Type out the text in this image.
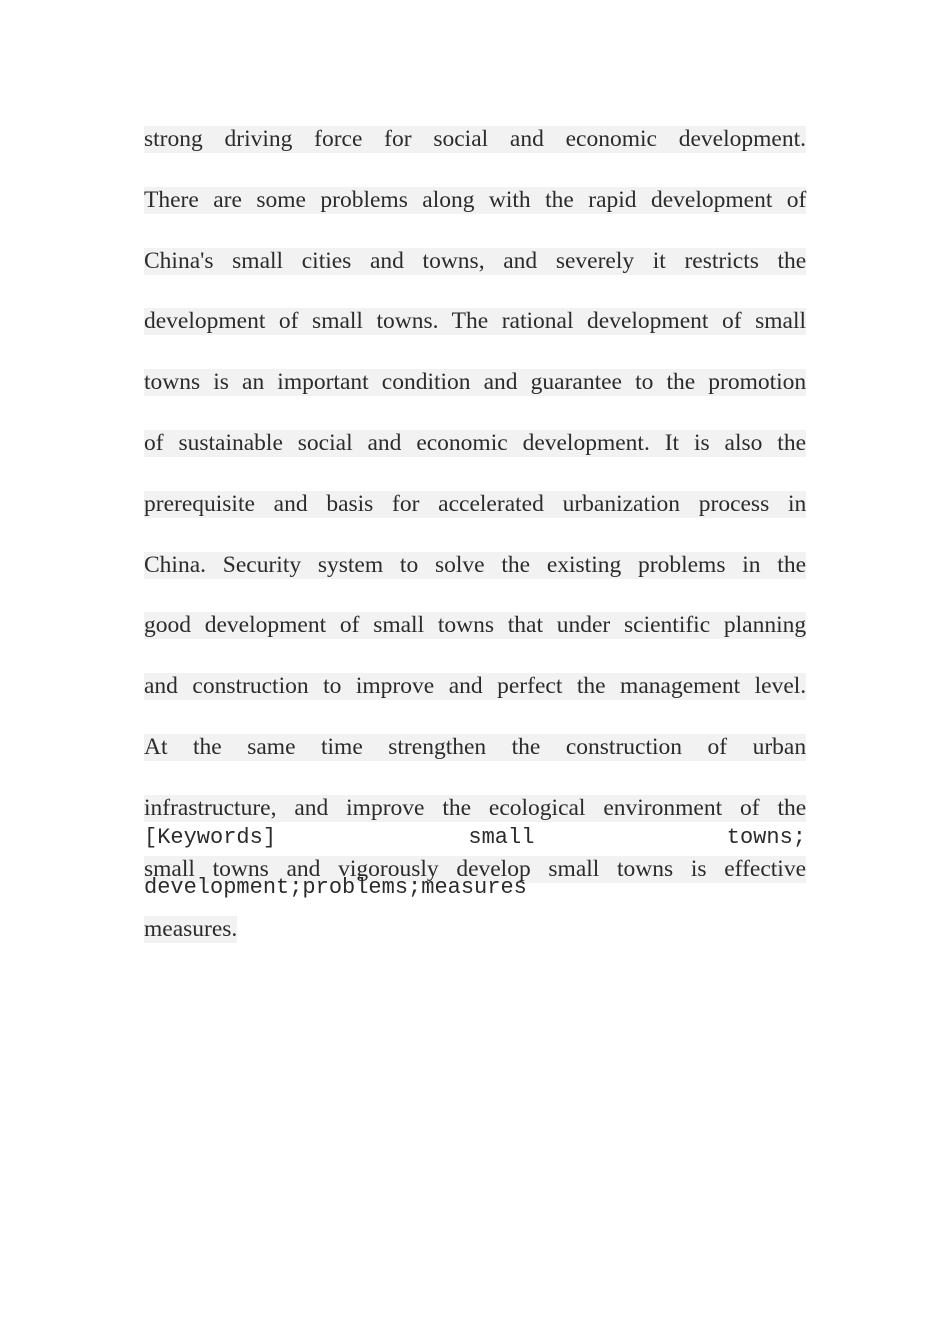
strong driving force for social and economic development.
There are some problems along with the rapid development of
China's small cities and towns, and severely it restricts the
development of small towns. The rational development of small
towns is an important condition and guarantee to the promotion
of sustainable social and economic development. It is also the
prerequisite and basis for accelerated urbanization process in
China. Security system to solve the existing problems in the
good development of small towns that under scientific planning
and construction to improve and perfect the management level.
At the same time strengthen the construction of urban
infrastructure, and improve the ecological environment of the
small towns and vigorously develop small towns is effective
measures.
[Keywords]	small	towns;
development;problems;measures
